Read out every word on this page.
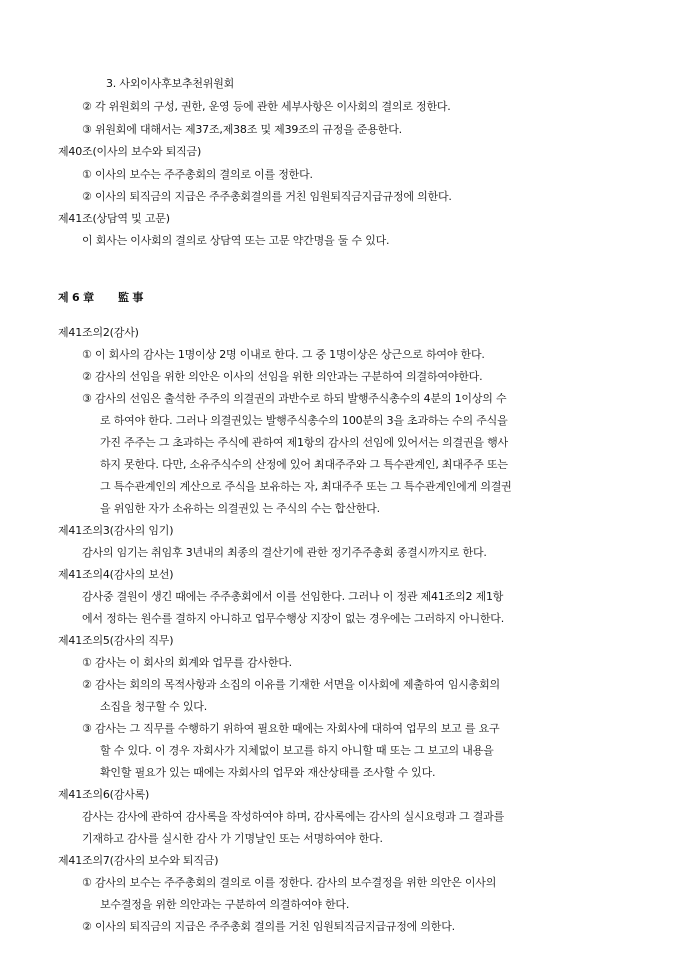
3. 사외이사후보추천위원회
② 각 위원회의 구성, 권한, 운영 등에 관한 세부사항은 이사회의 결의로 정한다.
③ 위원회에 대해서는 제37조,제38조 및 제39조의 규정을 준용한다.
제40조(이사의 보수와 퇴직금)
① 이사의 보수는 주주총회의 결의로 이를 정한다.
② 이사의 퇴직금의 지급은 주주총회결의를 거친 임원퇴직금지급규정에 의한다.
제41조(상담역 및 고문)
이 회사는 이사회의 결의로 상담역 또는 고문 약간명을 둘 수 있다.
제 6 章 監 事
제41조의2(감사)
① 이 회사의 감사는 1명이상 2명 이내로 한다. 그 중 1명이상은 상근으로 하여야 한다.
② 감사의 선임을 위한 의안은 이사의 선임을 위한 의안과는 구분하여 의결하여야한다.
③ 감사의 선임은 출석한 주주의 의결권의 과반수로 하되 발행주식총수의 4분의 1이상의 수
로 하여야 한다. 그러나 의결권있는 발행주식총수의 100분의 3을 초과하는 수의 주식을
가진 주주는 그 초과하는 주식에 관하여 제1항의 감사의 선임에 있어서는 의결권을 행사
하지 못한다. 다만, 소유주식수의 산정에 있어 최대주주와 그 특수관계인, 최대주주 또는
그 특수관계인의 계산으로 주식을 보유하는 자, 최대주주 또는 그 특수관계인에게 의결권
을 위임한 자가 소유하는 의결권있 는 주식의 수는 합산한다.
제41조의3(감사의 임기)
감사의 임기는 취임후 3년내의 최종의 결산기에 관한 정기주주총회 종결시까지로 한다.
제41조의4(감사의 보선)
감사중 결원이 생긴 때에는 주주총회에서 이를 선임한다. 그러나 이 정관 제41조의2 제1항
에서 정하는 원수를 결하지 아니하고 업무수행상 지장이 없는 경우에는 그러하지 아니한다.
제41조의5(감사의 직무)
① 감사는 이 회사의 회계와 업무를 감사한다.
② 감사는 회의의 목적사항과 소집의 이유를 기재한 서면을 이사회에 제출하여 임시총회의
소집을 청구할 수 있다.
③ 감사는 그 직무를 수행하기 위하여 필요한 때에는 자회사에 대하여 업무의 보고 를 요구
할 수 있다. 이 경우 자회사가 지체없이 보고를 하지 아니할 때 또는 그 보고의 내용을
확인할 필요가 있는 때에는 자회사의 업무와 재산상태를 조사할 수 있다.
제41조의6(감사록)
감사는 감사에 관하여 감사록을 작성하여야 하며, 감사록에는 감사의 실시요령과 그 결과를
기재하고 감사를 실시한 감사 가 기명날인 또는 서명하여야 한다.
제41조의7(감사의 보수와 퇴직금)
① 감사의 보수는 주주총회의 결의로 이를 정한다. 감사의 보수결정을 위한 의안은 이사의
보수결정을 위한 의안과는 구분하여 의결하여야 한다.
② 이사의 퇴직금의 지급은 주주총회 결의를 거친 임원퇴직금지급규정에 의한다.
